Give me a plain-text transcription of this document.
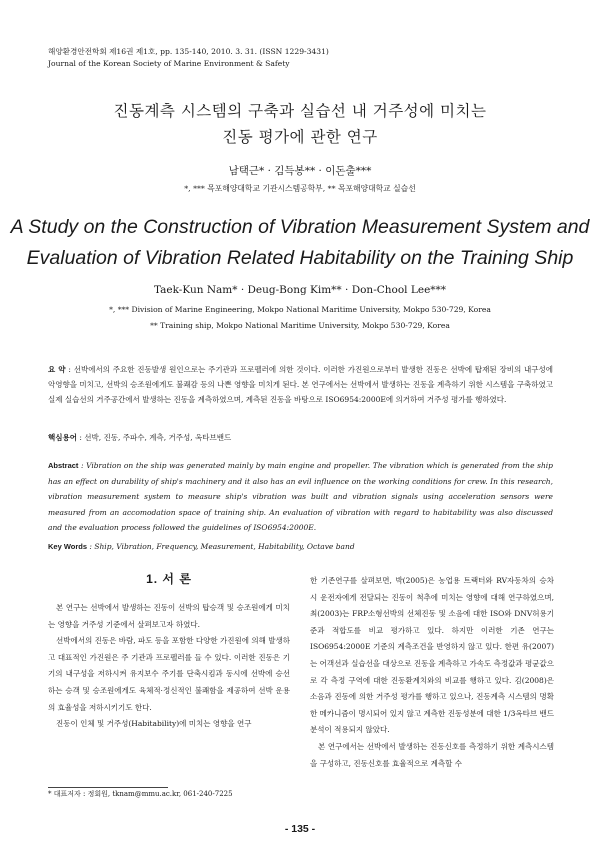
해양환경안전학회 제16권 제1호, pp. 135-140, 2010. 3. 31. (ISSN 1229-3431)
Journal of the Korean Society of Marine Environment & Safety
진동계측 시스템의 구축과 실습선 내 거주성에 미치는
진동 평가에 관한 연구
남택근* · 김득봉** · 이돈출***
*, *** 목포해양대학교 기관시스템공학부, ** 목포해양대학교 실습선
A Study on the Construction of Vibration Measurement System and
Evaluation of Vibration Related Habitability on the Training Ship
Taek-Kun Nam* · Deug-Bong Kim** · Don-Chool Lee***
*, *** Division of Marine Engineering, Mokpo National Maritime University, Mokpo 530-729, Korea
** Training ship, Mokpo National Maritime University, Mokpo 530-729, Korea
요 약 : 선박에서의 주요한 진동발생 원인으로는 주기관과 프로펠러에 의한 것이다. 이러한 가진원으로부터 발생한 진동은 선박에 탑재된 장비의 내구성에 악영향을 미치고, 선박의 승조원에게도 불쾌감 등의 나쁜 영향을 미치게 된다. 본 연구에서는 선박에서 발생하는 진동을 계측하기 위한 시스템을 구축하였고 실제 실습선의 거주공간에서 발생하는 진동을 계측하였으며, 계측된 진동을 바탕으로 ISO6954:2000E에 의거하여 거주성 평가를 행하였다.
핵심용어 : 선박, 진동, 주파수, 계측, 거주성, 옥타브밴드
Abstract : Vibration on the ship was generated mainly by main engine and propeller. The vibration which is generated from the ship has an effect on durability of ship's machinery and it also has an evil influence on the working conditions for crew. In this research, vibration measurement system to measure ship's vibration was built and vibration signals using acceleration sensors were measured from an accomodation space of training ship. An evaluation of vibration with regard to habitability was also discussed and the evaluation process followed the guidelines of ISO6954:2000E.
Key Words : Ship, Vibration, Frequency, Measurement, Habitability, Octave band
1. 서 론

본 연구는 선박에서 발생하는 진동이 선박의 탑승객 및 승조원에게 미치는 영향을 거주성 기준에서 살펴보고자 하였다.

선박에서의 진동은 바람, 파도 등을 포함한 다양한 가진원에 의해 발생하고 대표적인 가진원은 주 기관과 프로펠러를 들 수 있다. 이러한 진동은 기기의 내구성을 저하시켜 유지보수 주기를 단축시킴과 동시에 선박에 승선하는 승객 및 승조원에게도 육체적·정신적인 불쾌함을 제공하여 선박 운용의 효율성을 저하시키기도 한다.

진동이 인체 및 거주성(Habitability)에 미치는 영향을 연구

한 기존연구를 살펴보면, 박(2005)은 농업용 트랙터와 RV자동차의 승차 시 운전자에게 전달되는 진동이 척추에 미치는 영향에 대해 연구하였으며, 최(2003)는 FRP소형선박의 선체진동 및 소음에 대한 ISO와 DNV허용기준과 적합도를 비교 평가하고 있다. 하지만 이러한 기존 연구는 ISO6954:2000E 기준의 계측조건을 반영하지 않고 있다. 한편 유(2007)는 어객선과 실습선을 대상으로 진동을 계측하고 가속도 측정값과 평균값으로 각 측정 구역에 대한 진동환계치와의 비교를 행하고 있다. 김(2008)은 소음과 진동에 의한 거주성 평가를 행하고 있으나, 진동계측 시스템의 명확한 메카니즘이 명시되어 있지 않고 계측한 진동성분에 대한 1/3옥타브 밴드 분석이 적용되지 않았다.

본 연구에서는 선박에서 발생하는 진동신호를 측정하기 위한 계측시스템을 구성하고, 진동신호를 효율적으로 계측할 수

* 대표저자 : 정회원, tknam@mmu.ac.kr, 061-240-7225
- 135 -
